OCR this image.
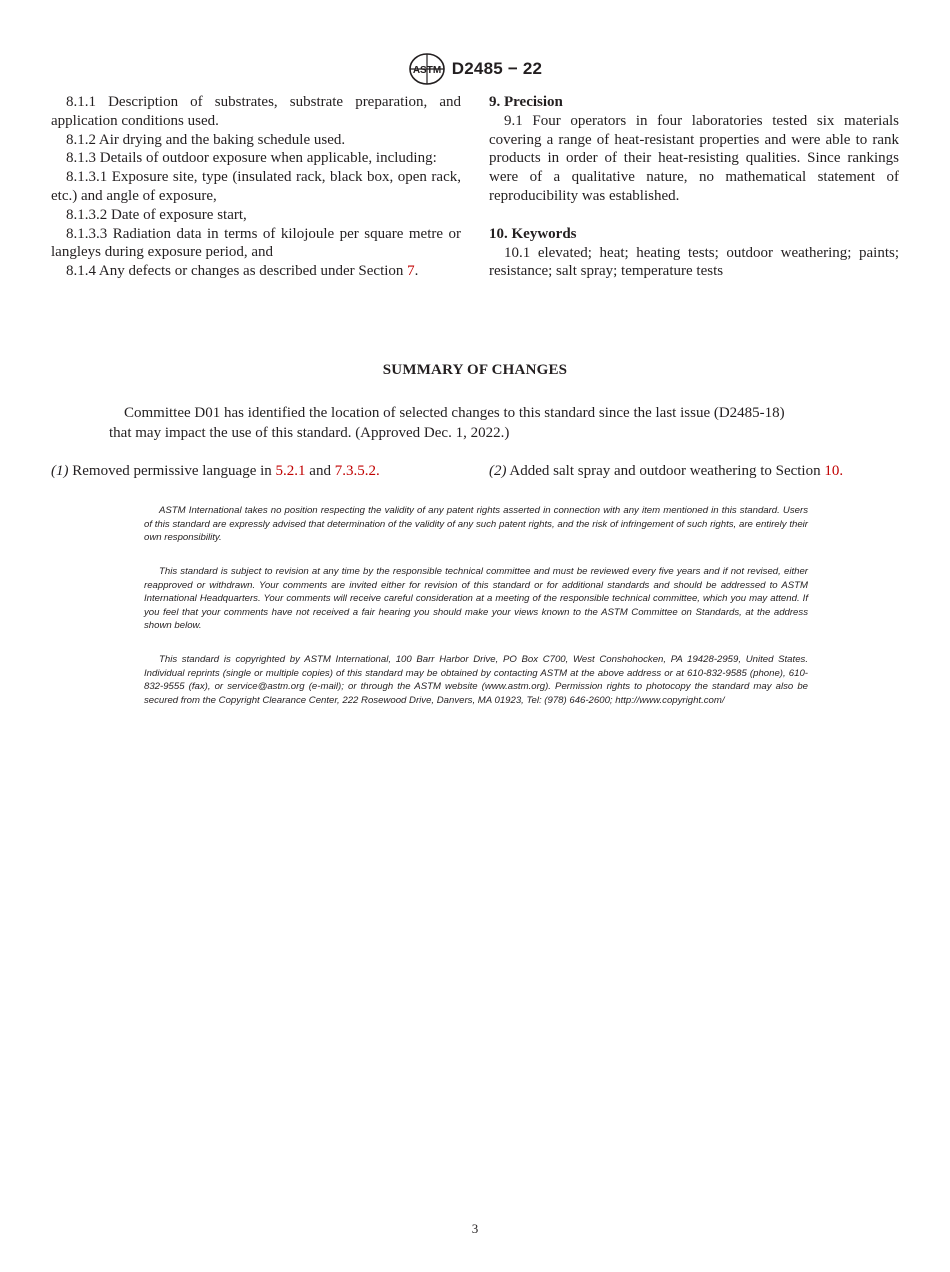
ASTM D2485 − 22

8.1.1 Description of substrates, substrate preparation, and application conditions used.

8.1.2 Air drying and the baking schedule used.

8.1.3 Details of outdoor exposure when applicable, including:

8.1.3.1 Exposure site, type (insulated rack, black box, open rack, etc.) and angle of exposure,

8.1.3.2 Date of exposure start,

8.1.3.3 Radiation data in terms of kilojoule per square metre or langleys during exposure period, and

8.1.4 Any defects or changes as described under Section 7.

9. Precision

9.1 Four operators in four laboratories tested six materials covering a range of heat-resistant properties and were able to rank products in order of their heat-resisting qualities. Since rankings were of a qualitative nature, no mathematical statement of reproducibility was established.

10. Keywords

10.1 elevated; heat; heating tests; outdoor weathering; paints; resistance; salt spray; temperature tests

SUMMARY OF CHANGES

Committee D01 has identified the location of selected changes to this standard since the last issue (D2485-18)

that may impact the use of this standard. (Approved Dec. 1, 2022.)

(1) Removed permissive language in 5.2.1 and 7.3.5.2.	(2) Added salt spray and outdoor weathering to Section 10.

ASTM International takes no position respecting the validity of any patent rights asserted in connection with any item mentioned in this standard. Users of this standard are expressly advised that determination of the validity of any such patent rights, and the risk of infringement of such rights, are entirely their own responsibility.

This standard is subject to revision at any time by the responsible technical committee and must be reviewed every five years and if not revised, either reapproved or withdrawn. Your comments are invited either for revision of this standard or for additional standards and should be addressed to ASTM International Headquarters. Your comments will receive careful consideration at a meeting of the responsible technical committee, which you may attend. If you feel that your comments have not received a fair hearing you should make your views known to the ASTM Committee on Standards, at the address shown below.

This standard is copyrighted by ASTM International, 100 Barr Harbor Drive, PO Box C700, West Conshohocken, PA 19428-2959, United States. Individual reprints (single or multiple copies) of this standard may be obtained by contacting ASTM at the above address or at 610-832-9585 (phone), 610-832-9555 (fax), or service@astm.org (e-mail); or through the ASTM website (www.astm.org). Permission rights to photocopy the standard may also be secured from the Copyright Clearance Center, 222 Rosewood Drive, Danvers, MA 01923, Tel: (978) 646-2600; http://www.copyright.com/

3
